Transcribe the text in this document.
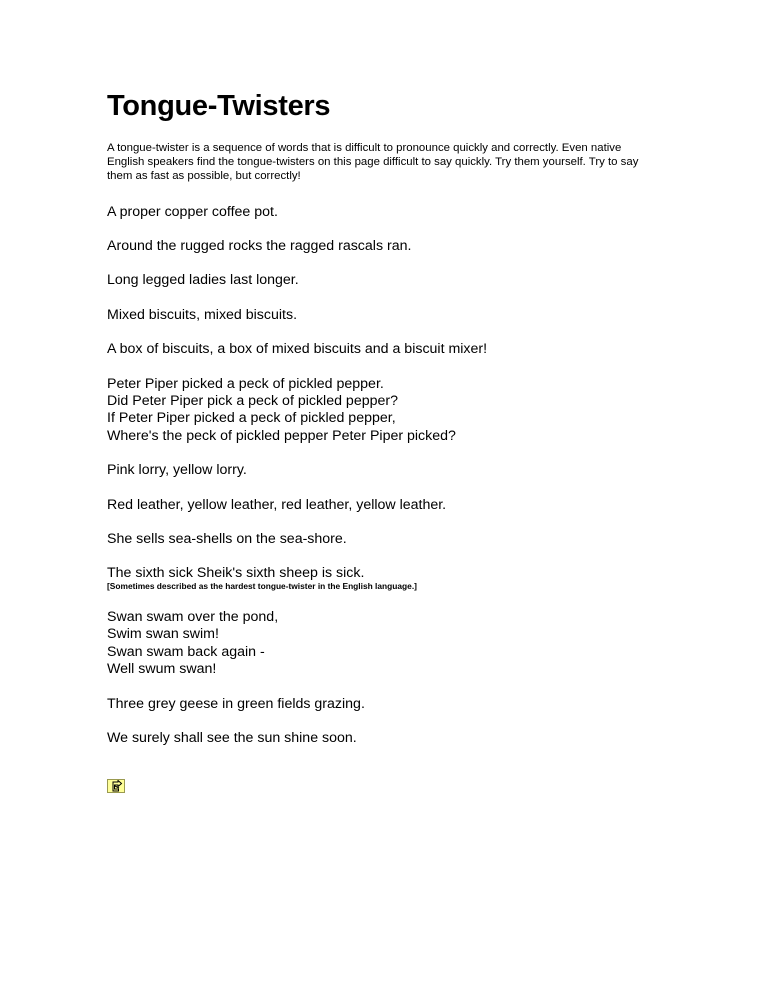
Tongue-Twisters

A tongue-twister is a sequence of words that is difficult to pronounce quickly and correctly. Even native English speakers find the tongue-twisters on this page difficult to say quickly. Try them yourself. Try to say them as fast as possible, but correctly!

A proper copper coffee pot.
Around the rugged rocks the ragged rascals ran.
Long legged ladies last longer.
Mixed biscuits, mixed biscuits.
A box of biscuits, a box of mixed biscuits and a biscuit mixer!
Peter Piper picked a peck of pickled pepper.
Did Peter Piper pick a peck of pickled pepper?
If Peter Piper picked a peck of pickled pepper,
Where's the peck of pickled pepper Peter Piper picked?
Pink lorry, yellow lorry.
Red leather, yellow leather, red leather, yellow leather.
She sells sea-shells on the sea-shore.
The sixth sick Sheik's sixth sheep is sick.
[Sometimes described as the hardest tongue-twister in the English language.]
Swan swam over the pond,
Swim swan swim!
Swan swam back again -
Well swum swan!
Three grey geese in green fields grazing.
We surely shall see the sun shine soon.
